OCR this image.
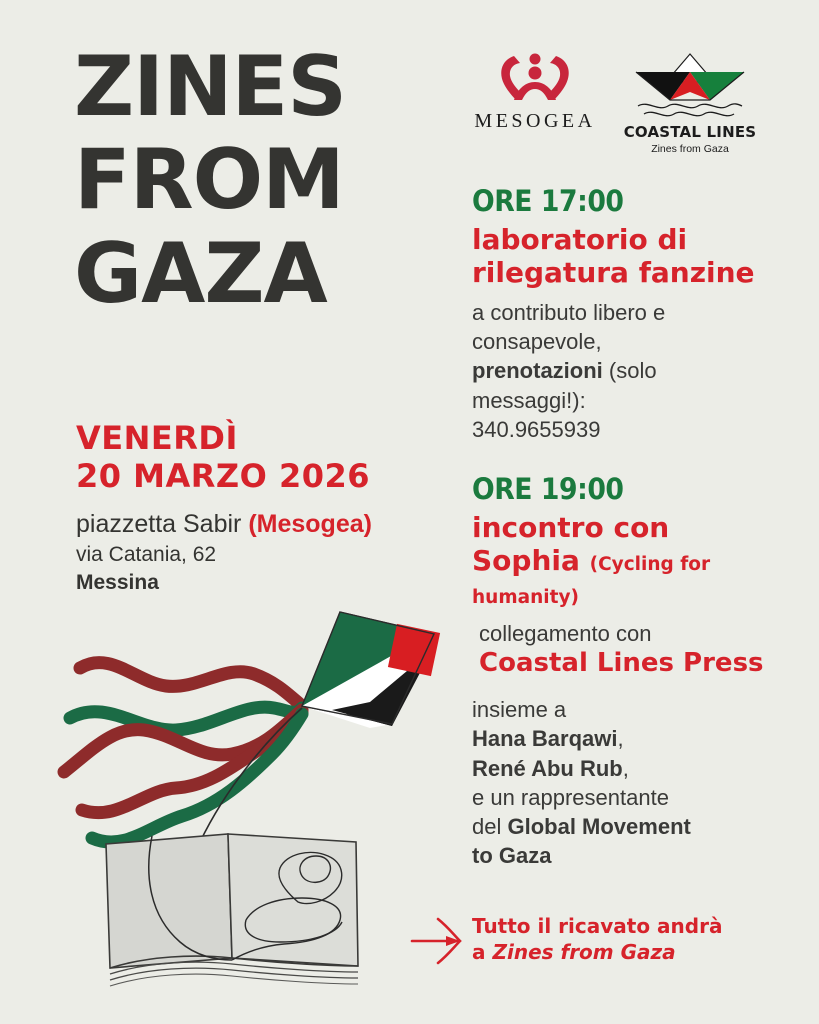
ZINES
FROM
GAZA
VENERDÌ
20 MARZO 2026
piazzetta Sabir (Mesogea)
via Catania, 62
Messina
MESOGEA	COASTAL LINES
Zines from Gaza
ORE 17:00
laboratorio di
rilegatura fanzine
a contributo libero e
consapevole,
prenotazioni (solo
messaggi!):
340.9655939
ORE 19:00
incontro con
Sophia (Cycling for humanity)
collegamento con
Coastal Lines Press
insieme a
Hana Barqawi,
René Abu Rub,
e un rappresentante
del Global Movement
to Gaza
Tutto il ricavato andrà
a Zines from Gaza
